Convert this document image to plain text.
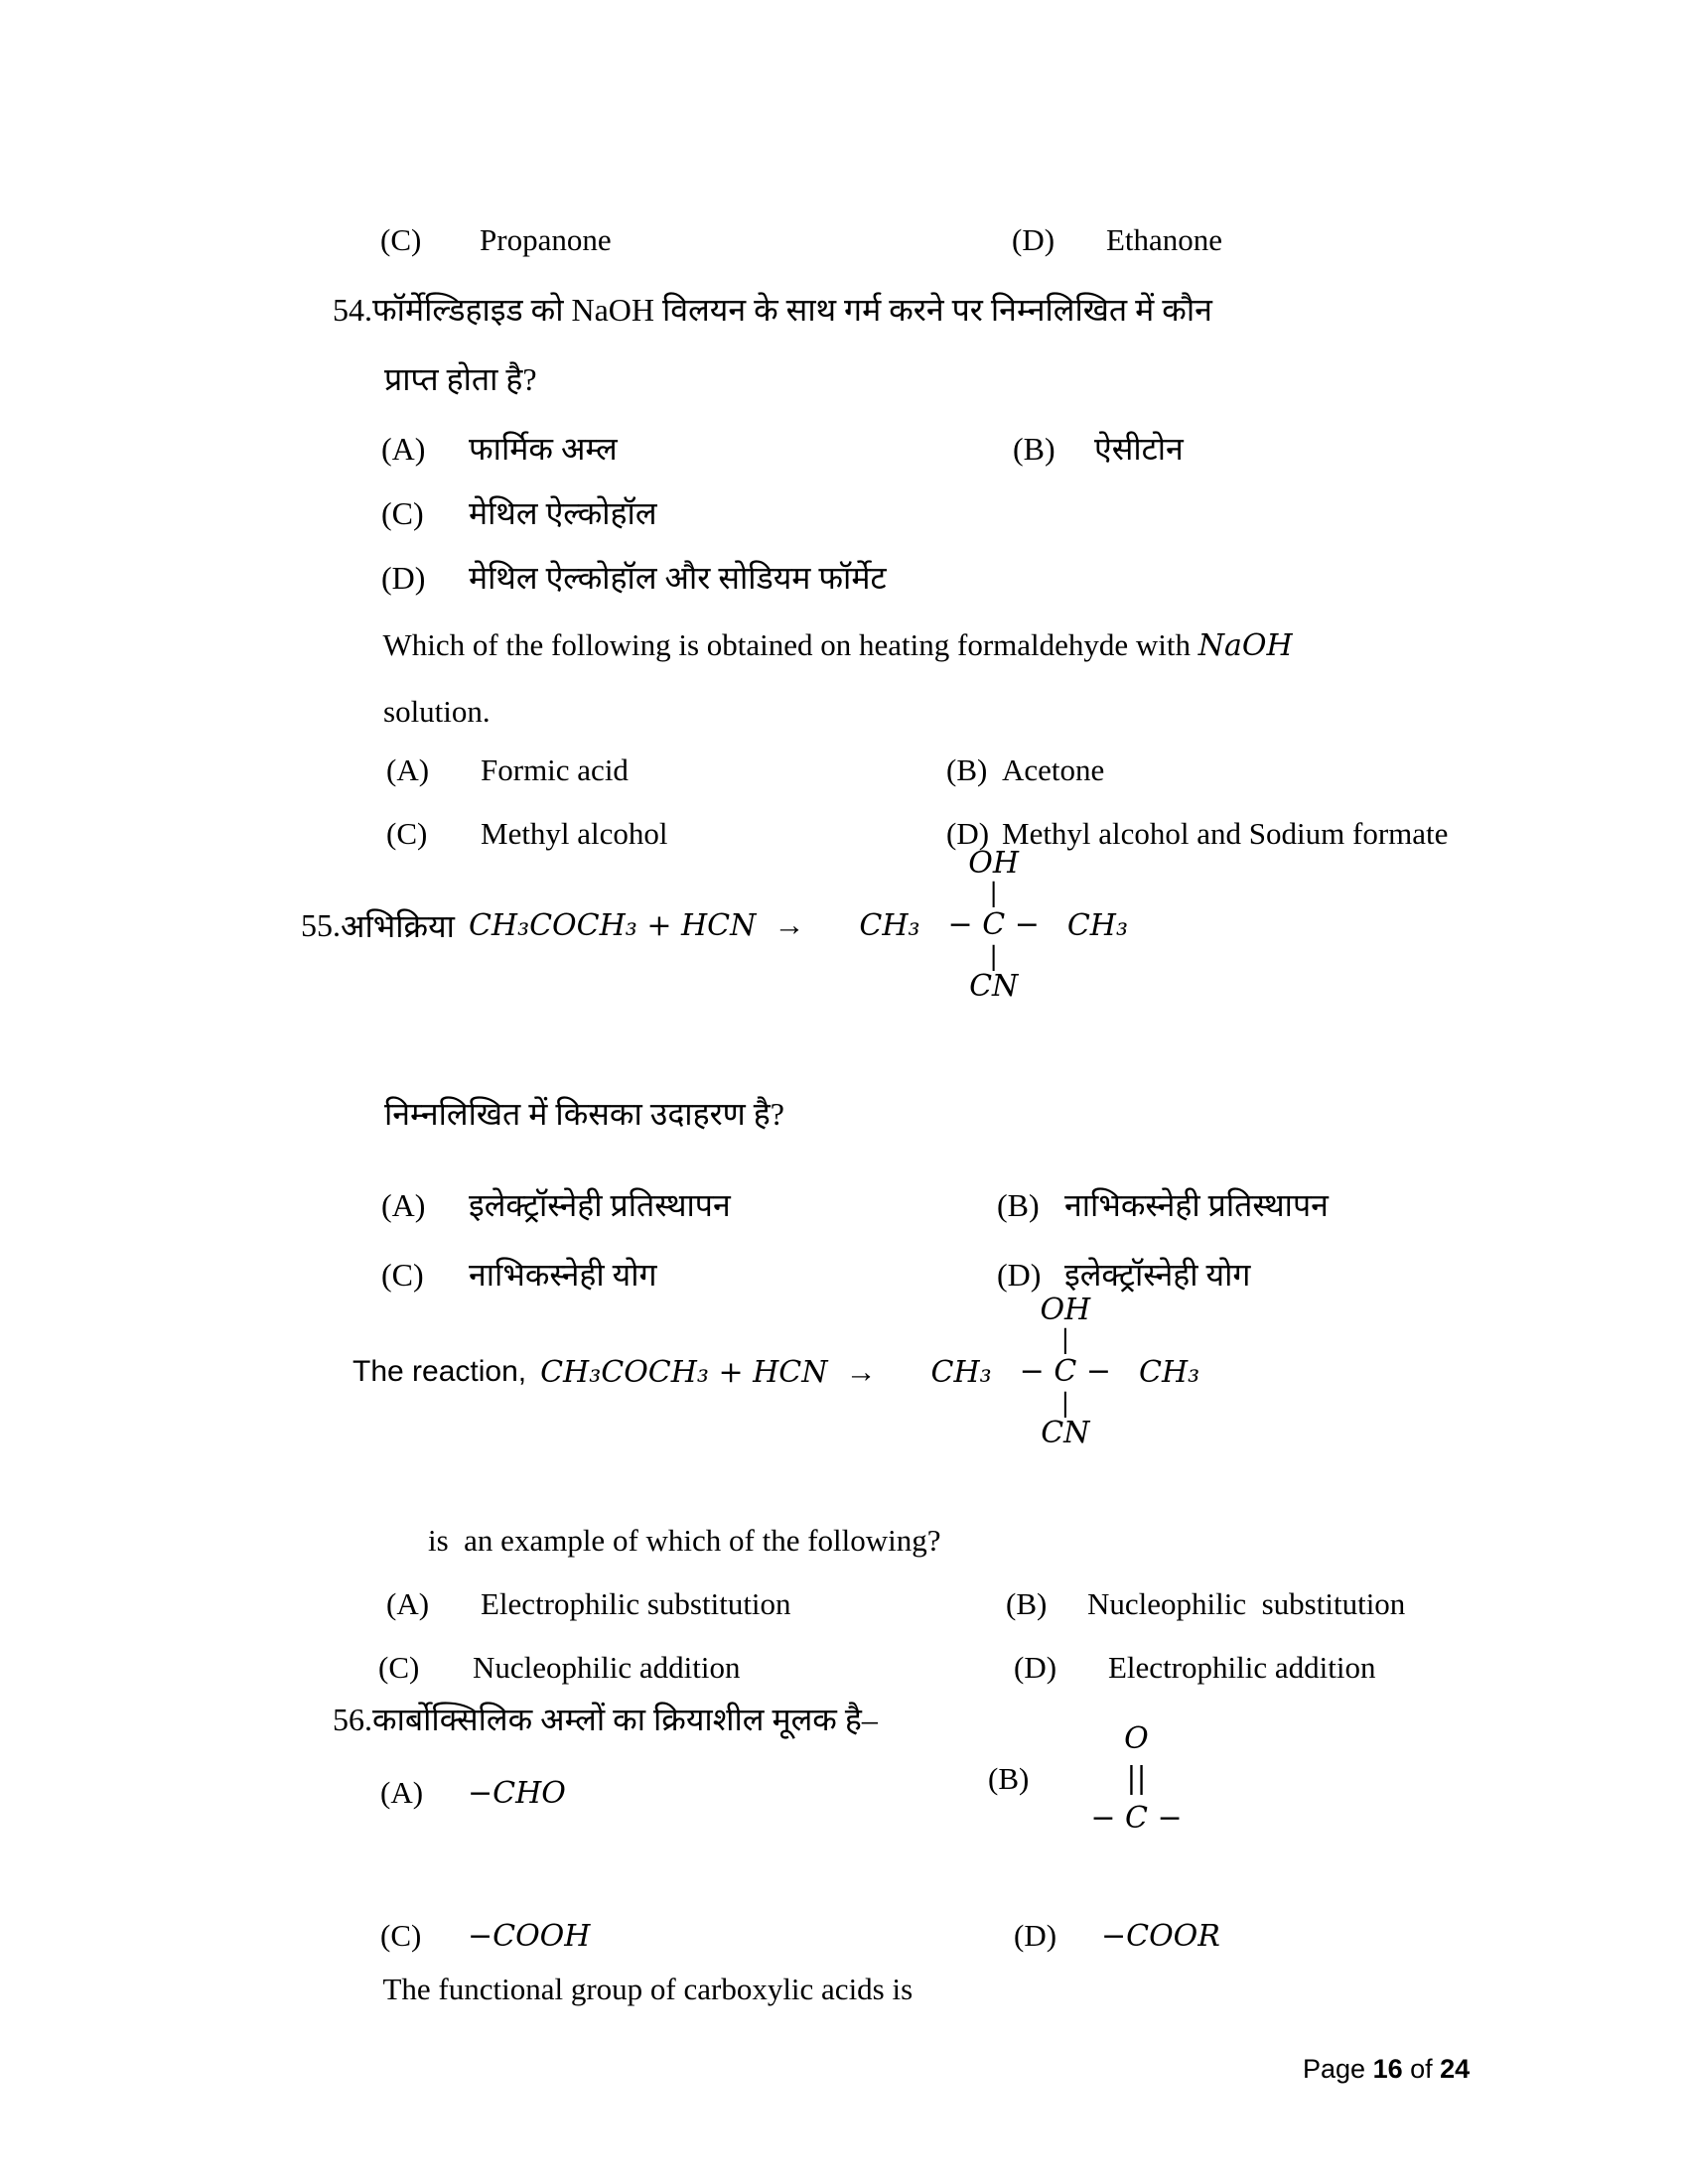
(C) Propanone
	(D) Ethanone

54.फॉर्मेल्डिहाइड को NaOH विलयन के साथ गर्म करने पर निम्नलिखित में कौन

प्राप्त होता है?

(A) फार्मिक अम्ल
	(B) ऐसीटोन

(C) मेथिल ऐल्कोहॉल

(D) मेथिल ऐल्कोहॉल और सोडियम फॉर्मेट

Which of the following is obtained on heating formaldehyde with NaOH

solution.

(A) Formic acid
	(B) Acetone

(C) Methyl alcohol
	(D) Methyl alcohol and Sodium formate

55. अभिक्रिया CH₃COCH₃ + HCN → CH₃
OH
|
− C −
|
CN
CH₃

निम्नलिखित में किसका उदाहरण है?

(A) इलेक्ट्रॉस्नेही प्रतिस्थापन
	(B) नाभिकस्नेही प्रतिस्थापन

(C) नाभिकस्नेही योग
	(D) इलेक्ट्रॉस्नेही योग

The reaction, CH₃COCH₃ + HCN → CH₃
OH
|
− C −
|
CN
CH₃

is  an example of which of the following?

(A) Electrophilic substitution
	(B) Nucleophilic  substitution

(C) Nucleophilic addition
	(D) Electrophilic addition

56.कार्बोक्सिलिक अम्लों का क्रियाशील मूलक है–

(A) −CHO
	(B)
O
||
− C −

(C) −COOH
	(D) −COOR

The functional group of carboxylic acids is

Page 16 of 24
